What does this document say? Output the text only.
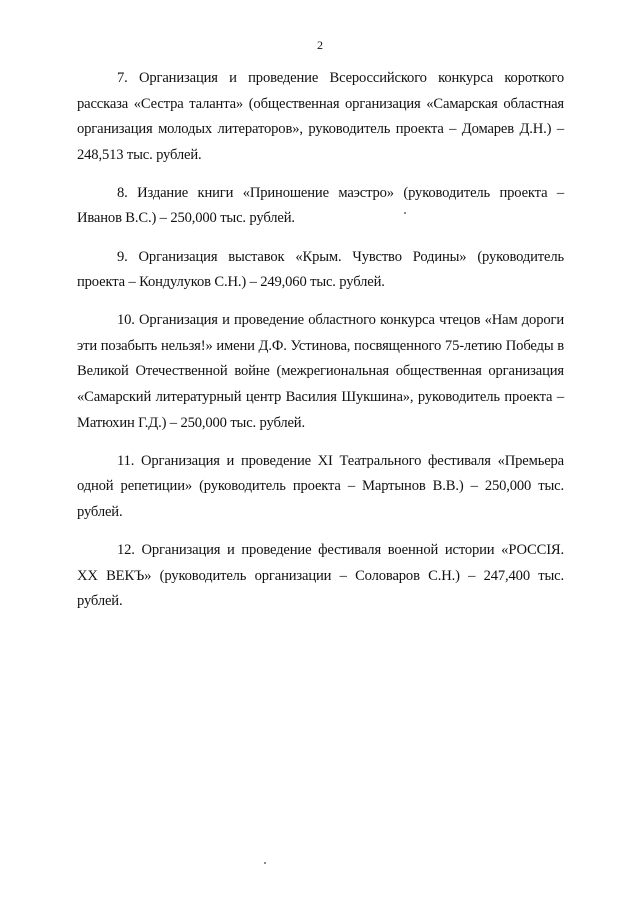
2

7. Организация и проведение Всероссийского конкурса короткого рассказа «Сестра таланта» (общественная организация «Самарская областная организация молодых литераторов», руководитель проекта – Домарев Д.Н.) – 248,513 тыс. рублей.

8. Издание книги «Приношение маэстро» (руководитель проекта – Иванов В.С.) – 250,000 тыс. рублей.

9. Организация выставок «Крым. Чувство Родины» (руководитель проекта – Кондулуков С.Н.) – 249,060 тыс. рублей.

10. Организация и проведение областного конкурса чтецов «Нам дороги эти позабыть нельзя!» имени Д.Ф. Устинова, посвященного 75-летию Победы в Великой Отечественной войне (межрегиональная общественная организация «Самарский литературный центр Василия Шукшина», руководитель проекта – Матюхин Г.Д.) – 250,000 тыс. рублей.

11. Организация и проведение XI Театрального фестиваля «Премьера одной репетиции» (руководитель проекта – Мартынов В.В.) – 250,000 тыс. рублей.

12. Организация и проведение фестиваля военной истории «РОССIЯ. ХХ ВЕКЪ» (руководитель организации – Соловаров С.Н.) – 247,400 тыс. рублей.
